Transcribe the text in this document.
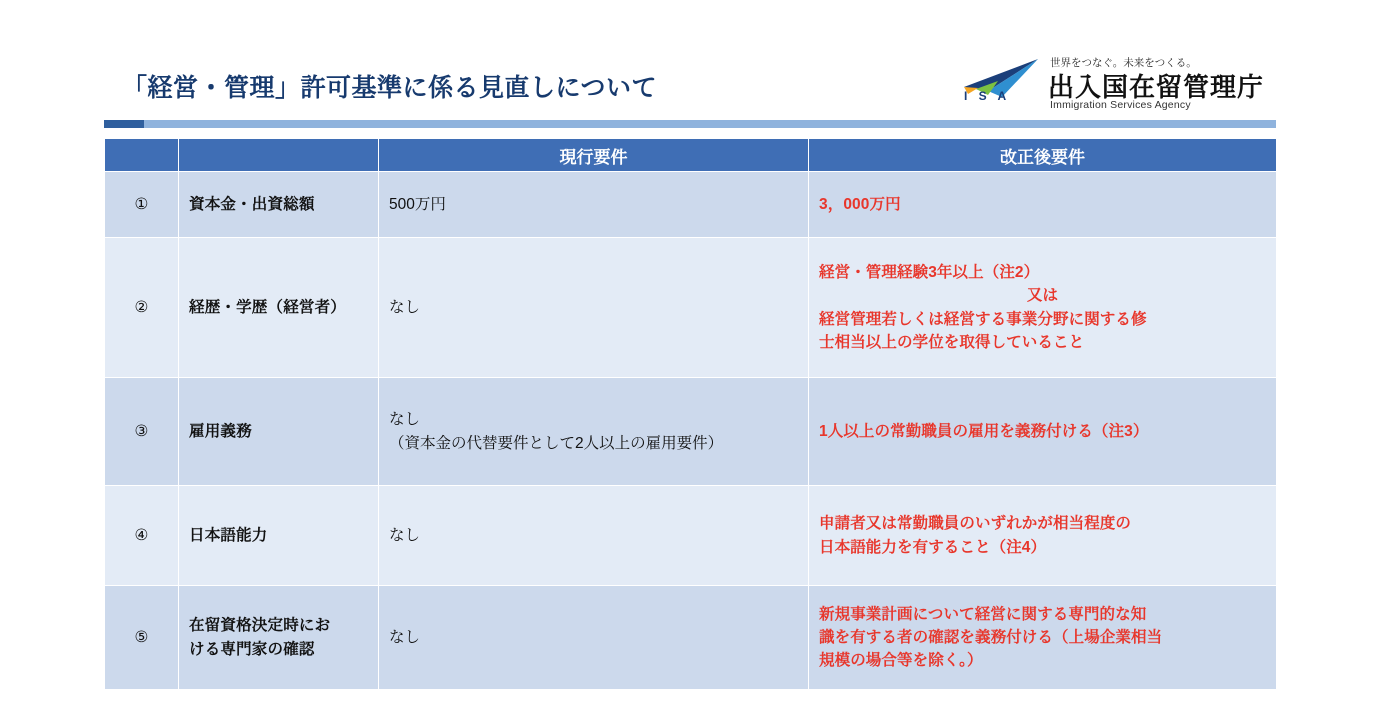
「経営・管理」許可基準に係る見直しについて	I S A
世界をつなぐ。未来をつくる。
出入国在留管理庁
Immigration Services Agency
		現行要件	改正後要件
①	資本金・出資総額	500万円	3，000万円
②	経歴・学歴（経営者）	なし	経営・管理経験3年以上（注2）

又は
経営管理若しくは経営する事業分野に関する修
士相当以上の学位を取得していること
③	雇用義務	なし
（資本金の代替要件として2人以上の雇用要件）	1人以上の常勤職員の雇用を義務付ける（注3）
④	日本語能力	なし	申請者又は常勤職員のいずれかが相当程度の
日本語能力を有すること（注4）
⑤	在留資格決定時にお
ける専門家の確認	なし	新規事業計画について経営に関する専門的な知
識を有する者の確認を義務付ける（上場企業相当
規模の場合等を除く。）
